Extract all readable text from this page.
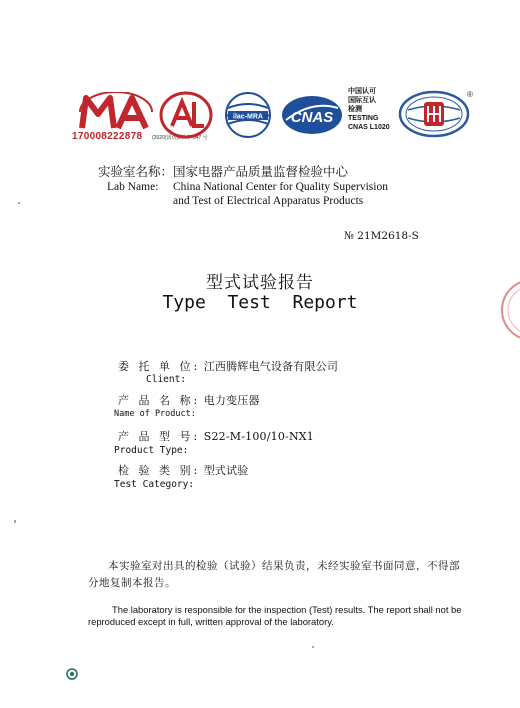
170008222878 (2020)国认监认字 347 号
ilac-MRA CNAS
中国认可
国际互认
检测
TESTING
CNAS L1020
®
实验室名称：国家电器产品质量监督检验中心
Lab Name: China National Center for Quality Supervision
and Test of Electrical Apparatus Products
№ 21M2618-S
型式试验报告
Type  Test  Report
委 托 单 位: 江西腾辉电气设备有限公司
Client:
产 品 名 称: 电力变压器
Name of Product:
产 品 型 号: S22-M-100/10-NX1
Product Type:
检 验 类 别: 型式试验
Test Category:
本实验室对出具的检验（试验）结果负责，未经实验室书面同意，不得部分地复制本报告。
The laboratory is responsible for the inspection (Test) results. The report shall not be reproduced except in full, written approval of the laboratory.
